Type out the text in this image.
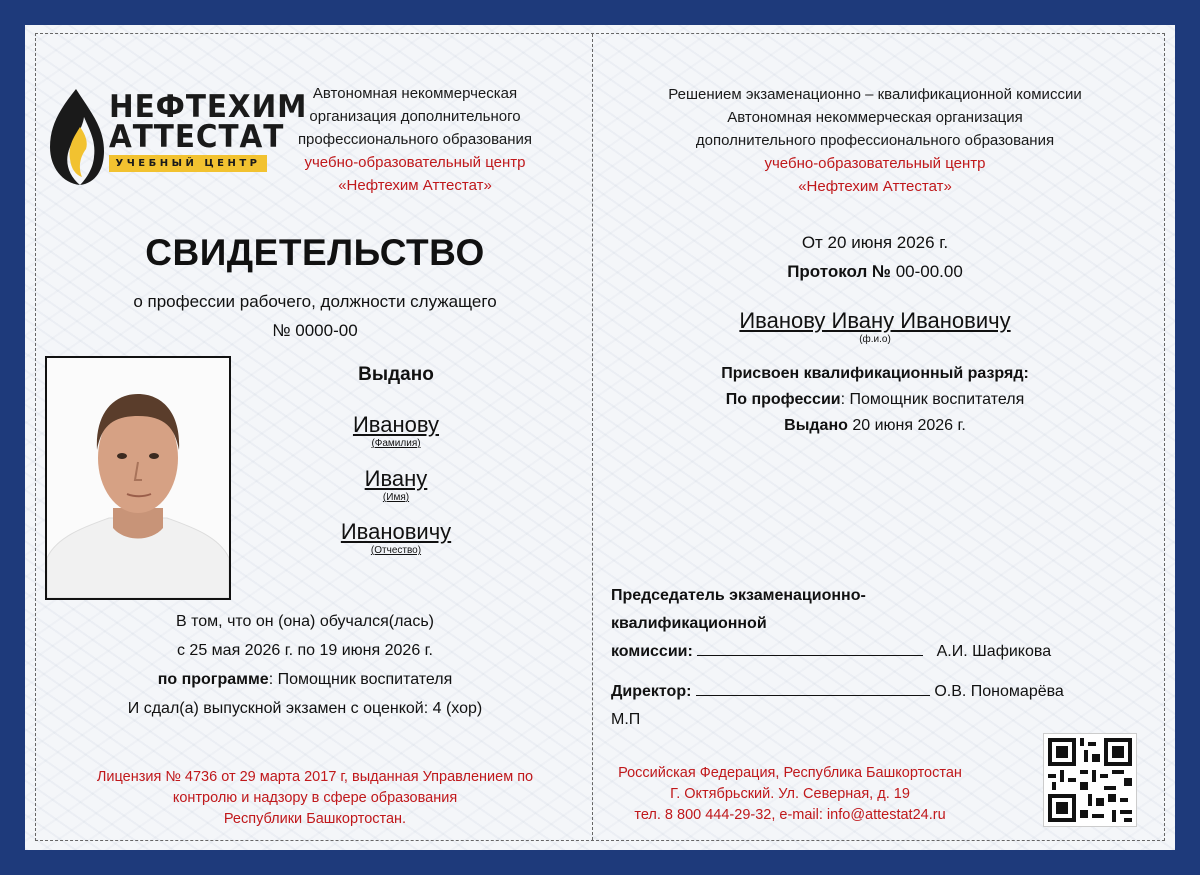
НЕФТЕХИМ
АТТЕСТАТ
УЧЕБНЫЙ ЦЕНТР
Автономная некоммерческая
организация дополнительного
профессионального образования
учебно-образовательный центр
«Нефтехим Аттестат»
СВИДЕТЕЛЬСТВО
о профессии рабочего, должности служащего
№ 0000-00
Выдано
Иванову
(Фамилия)
Ивану
(Имя)
Ивановичу
(Отчество)
В том, что он (она) обучался(лась)
с 25 мая 2026 г. по 19 июня 2026 г.
по программе: Помощник воспитателя
И сдал(а) выпускной экзамен с оценкой: 4 (хор)
Лицензия № 4736 от 29 марта 2017 г, выданная Управлением по
контролю и надзору в сфере образования
Республики Башкортостан.
Решением экзаменационно – квалификационной комиссии
Автономная некоммерческая организация
дополнительного профессионального образования
учебно-образовательный центр
«Нефтехим Аттестат»
От 20 июня 2026 г.
Протокол № 00-00.00
Иванову Ивану Ивановичу
(ф.и.о)
Присвоен квалификационный разряд:
По профессии: Помощник воспитателя
Выдано 20 июня 2026 г.
Председатель экзаменационно-
квалификационной
комиссии:	А.И. Шафикова
Директор:	О.В. Пономарёва
М.П
Российская Федерация, Республика Башкортостан
Г. Октябрьский. Ул. Северная, д. 19
тел. 8 800 444-29-32, e-mail: info@attestat24.ru
